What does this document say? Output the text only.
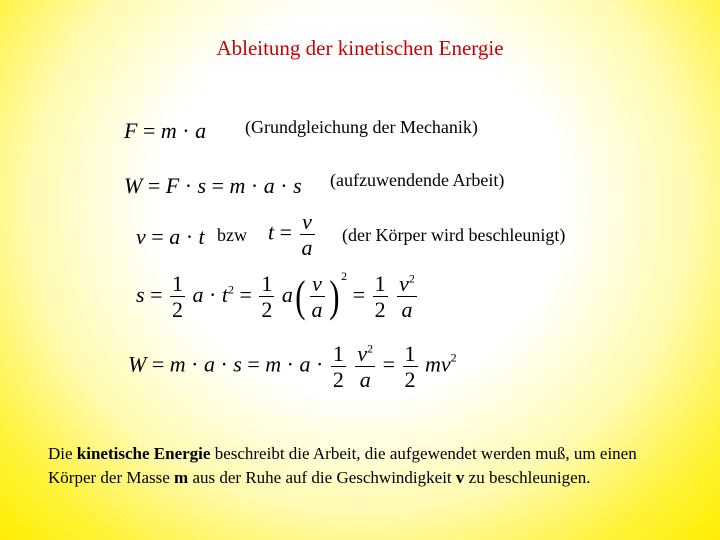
Ableitung der kinetischen Energie
F = m · a (Grundgleichung der Mechanik)
W = F · s = m · a · s (aufzuwendende Arbeit)
v = a · t bzw $t = \frac{v}{a} (der$ Körper wird beschleunigt)
$s = \frac{1}{2}$ $a \cdot t^2 = \frac{1}{2} a( \frac{v}{a}$ ) $^2 = \frac{1}{2}$
$\frac{v^2}{a}$
$W = m \cdot a \cdot s = m \cdot a \cdot \frac{1}{2}$
$\frac{v^2}{a} = \frac{1}{2} mv^2$
Die kinetische Energie beschreibt die Arbeit, die aufgewendet werden muß, um einen Körper der Masse m aus der Ruhe auf die Geschwindigkeit v zu beschleunigen.
